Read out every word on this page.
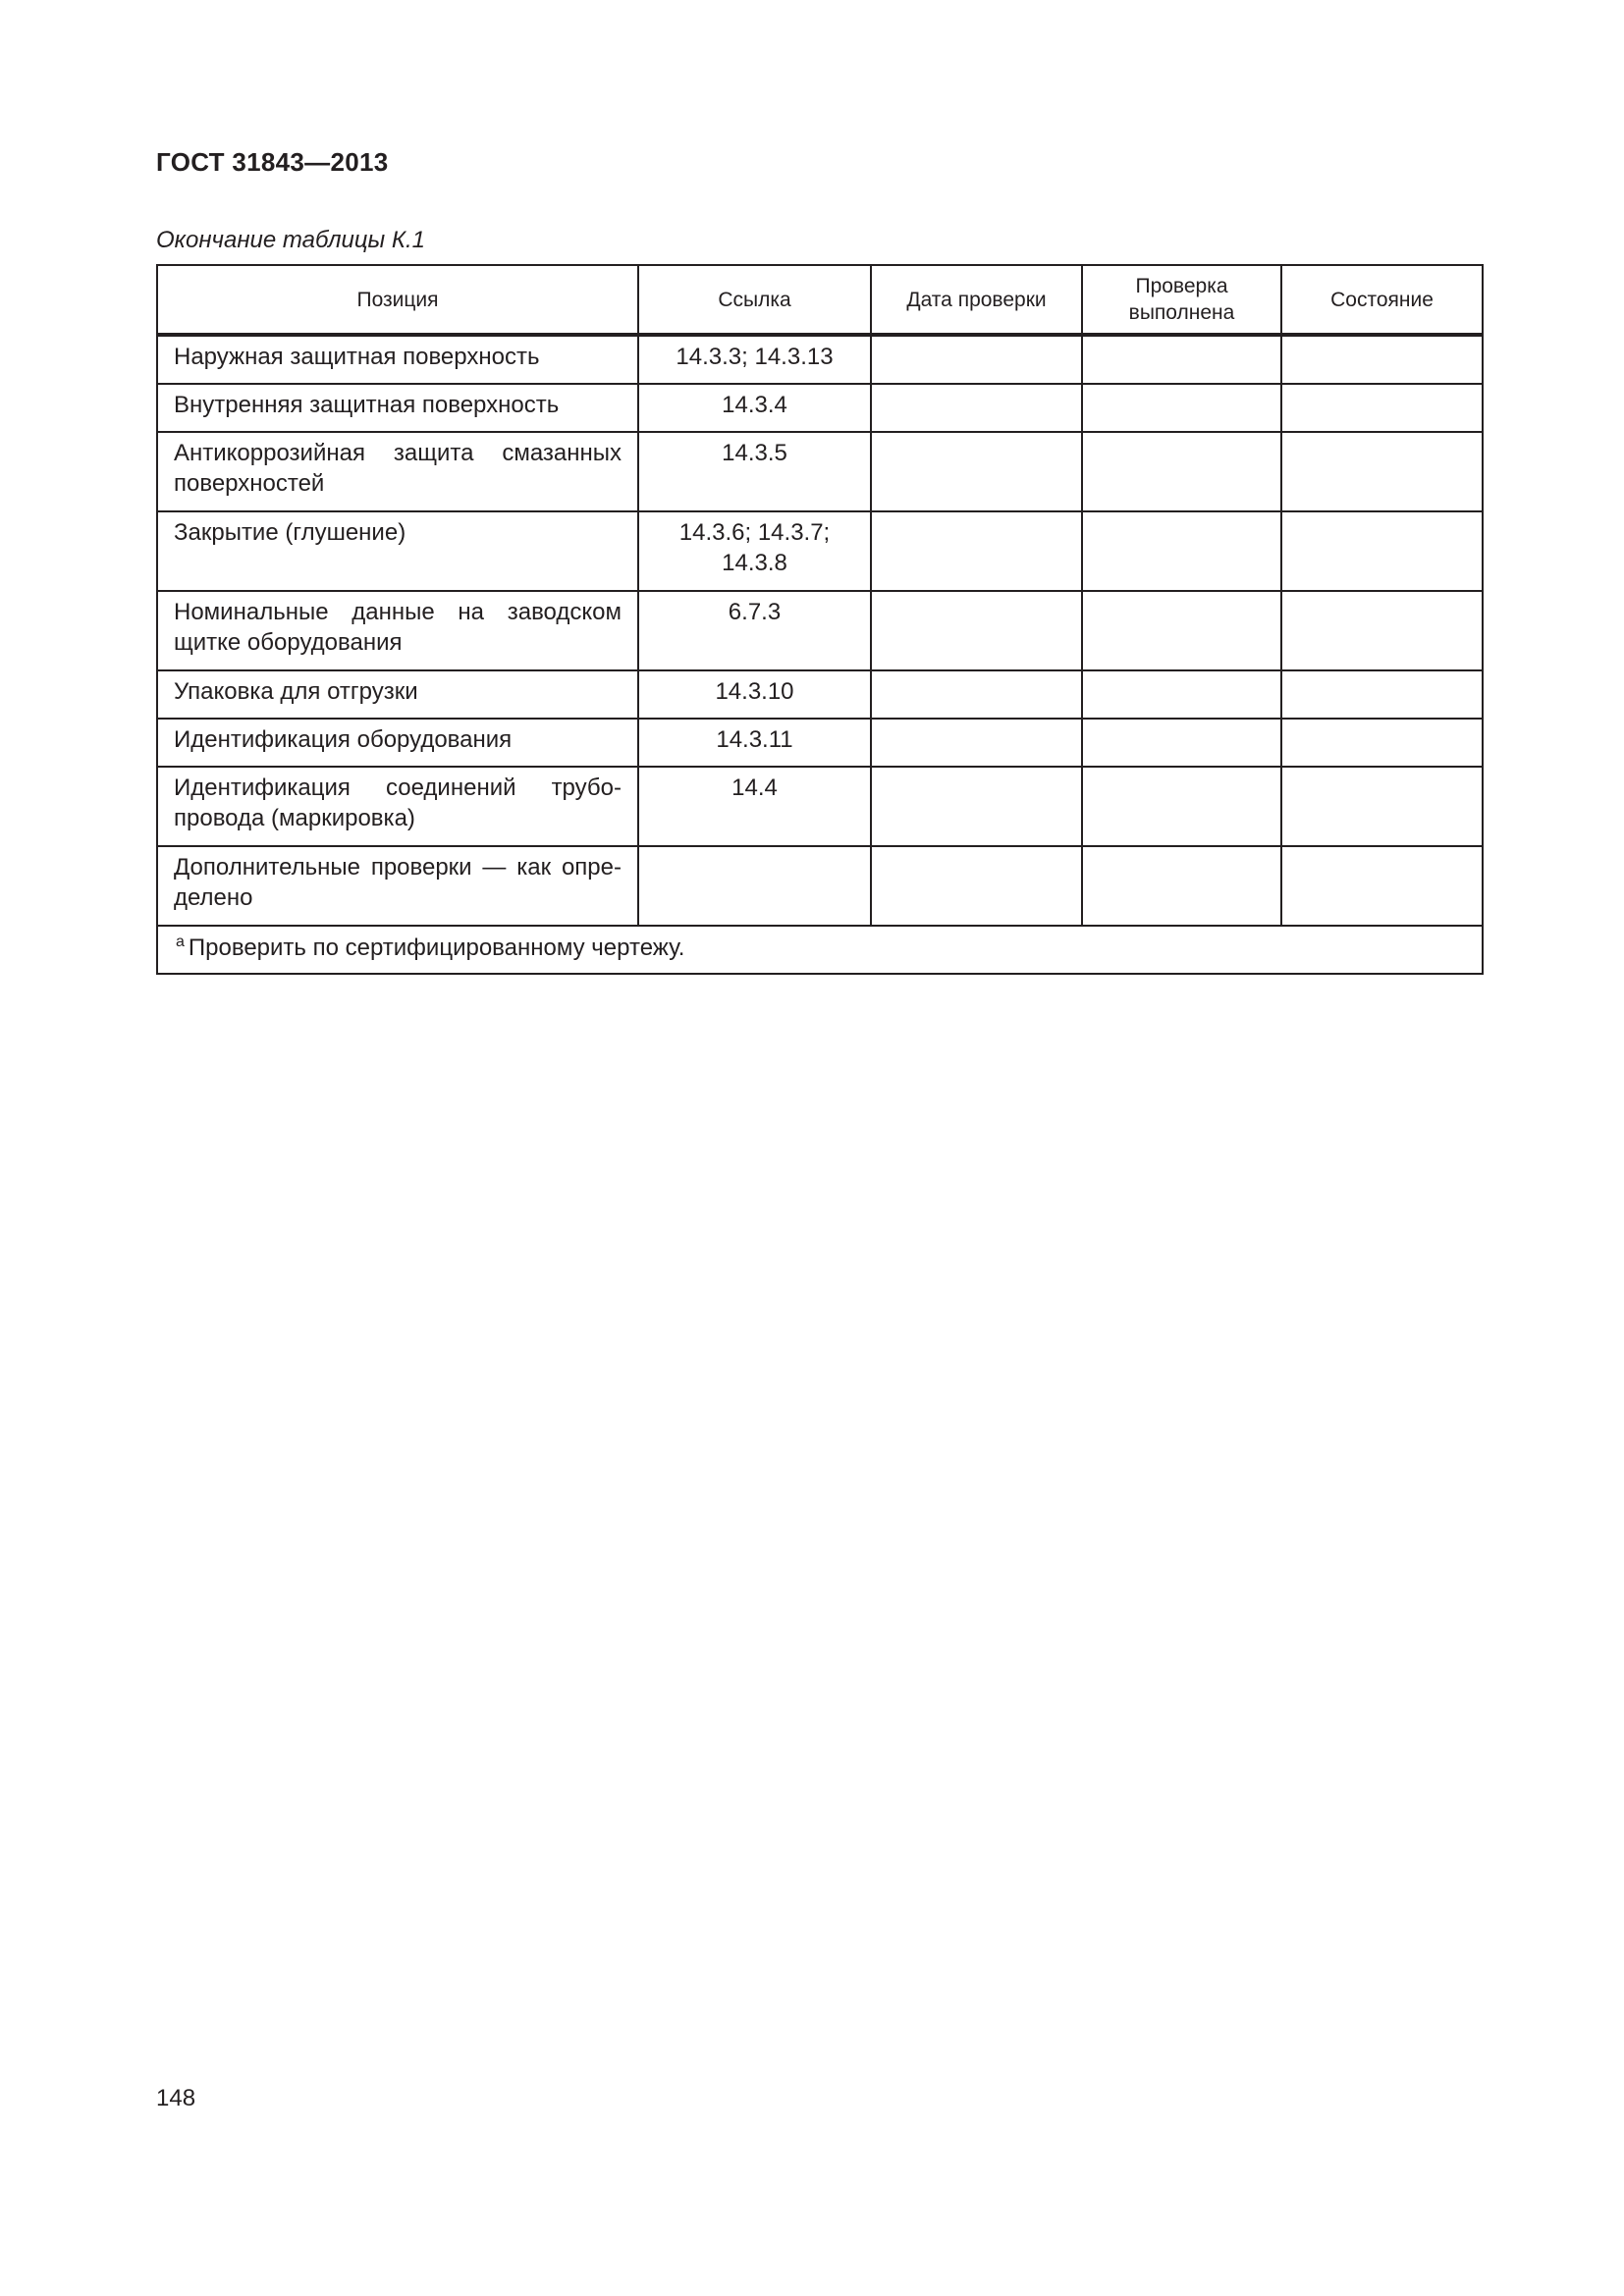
ГОСТ 31843—2013
Окончание таблицы К.1
Позиция	Ссылка	Дата проверки	Проверка выполнена	Состояние
Наружная защитная поверхность	14.3.3; 14.3.13			

Внутренняя защитная поверхность	14.3.4			

Антикоррозийная защита смазанных поверхностей	14.3.5			

Закрытие (глушение)	14.3.6; 14.3.7;
14.3.8			

Номинальные данные на заводском щитке оборудования	6.7.3			

Упаковка для отгрузки	14.3.10			

Идентификация оборудования	14.3.11			

Идентификация соединений трубо-провода (маркировка)	14.4			

Дополнительные проверки — как опре-делено				
$^a$ Проверить по сертифицированному чертежу.				
148
